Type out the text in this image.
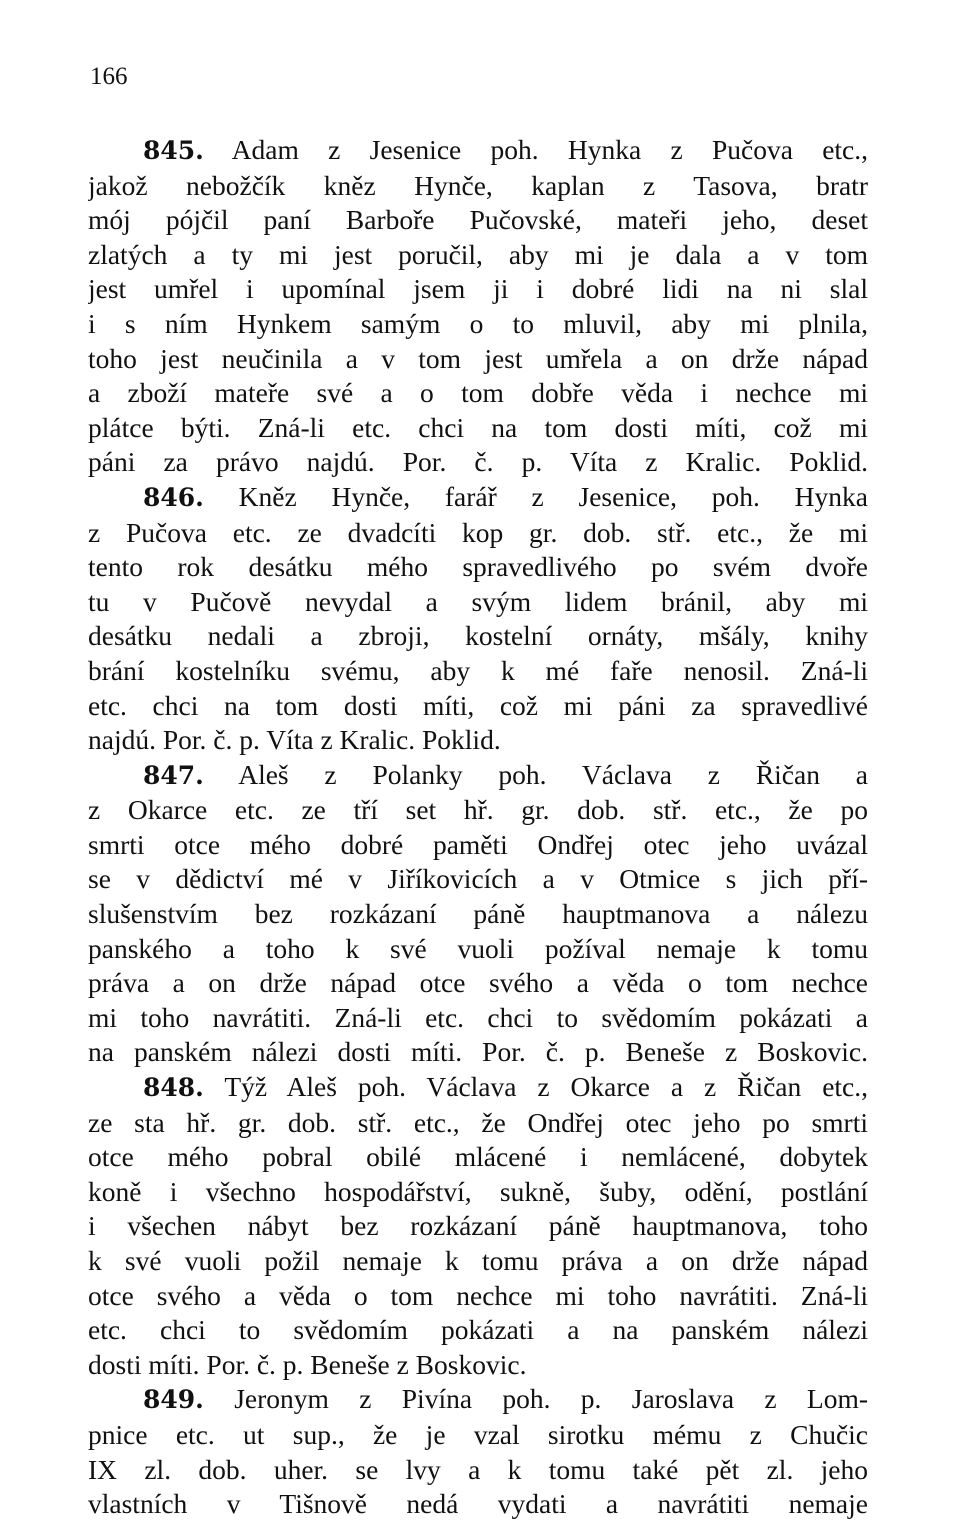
166
845. Adam z Jesenice poh. Hynka z Pučova etc.,
jakož nebožčík kněz Hynče, kaplan z Tasova, bratr
mój pójčil paní Barboře Pučovské, mateři jeho, deset
zlatých a ty mi jest poručil, aby mi je dala a v tom
jest umřel i upomínal jsem ji i dobré lidi na ni slal
i s ním Hynkem samým o to mluvil, aby mi plnila,
toho jest neučinila a v tom jest umřela a on drže nápad
a zboží mateře své a o tom dobře věda i nechce mi
plátce býti. Zná-li etc. chci na tom dosti míti, což mi
páni za právo najdú. Por. č. p. Víta z Kralic. Poklid.
846. Kněz Hynče, farář z Jesenice, poh. Hynka
z Pučova etc. ze dvadcíti kop gr. dob. stř. etc., že mi
tento rok desátku mého spravedlivého po svém dvoře
tu v Pučově nevydal a svým lidem bránil, aby mi
desátku nedali a zbroji, kostelní ornáty, mšály, knihy
brání kostelníku svému, aby k mé faře nenosil. Zná-li
etc. chci na tom dosti míti, což mi páni za spravedlivé
najdú. Por. č. p. Víta z Kralic. Poklid.
847. Aleš z Polanky poh. Václava z Řičan a
z Okarce etc. ze tří set hř. gr. dob. stř. etc., že po
smrti otce mého dobré paměti Ondřej otec jeho uvázal
se v dědictví mé v Jiříkovicích a v Otmice s jich pří-
slušenstvím bez rozkázaní páně hauptmanova a nálezu
panského a toho k své vuoli požíval nemaje k tomu
práva a on drže nápad otce svého a věda o tom nechce
mi toho navrátiti. Zná-li etc. chci to svědomím pokázati a
na panském nálezi dosti míti. Por. č. p. Beneše z Boskovic.
848. Týž Aleš poh. Václava z Okarce a z Řičan etc.,
ze sta hř. gr. dob. stř. etc., že Ondřej otec jeho po smrti
otce mého pobral obilé mlácené i nemlácené, dobytek
koně i všechno hospodářství, sukně, šuby, odění, postlání
i všechen nábyt bez rozkázaní páně hauptmanova, toho
k své vuoli požil nemaje k tomu práva a on drže nápad
otce svého a věda o tom nechce mi toho navrátiti. Zná-li
etc. chci to svědomím pokázati a na panském nálezi
dosti míti. Por. č. p. Beneše z Boskovic.
849. Jeronym z Pivína poh. p. Jaroslava z Lom-
pnice etc. ut sup., že je vzal sirotku mému z Chučic
IX zl. dob. uher. se lvy a k tomu také pět zl. jeho
vlastních v Tišnově nedá vydati a navrátiti nemaje
